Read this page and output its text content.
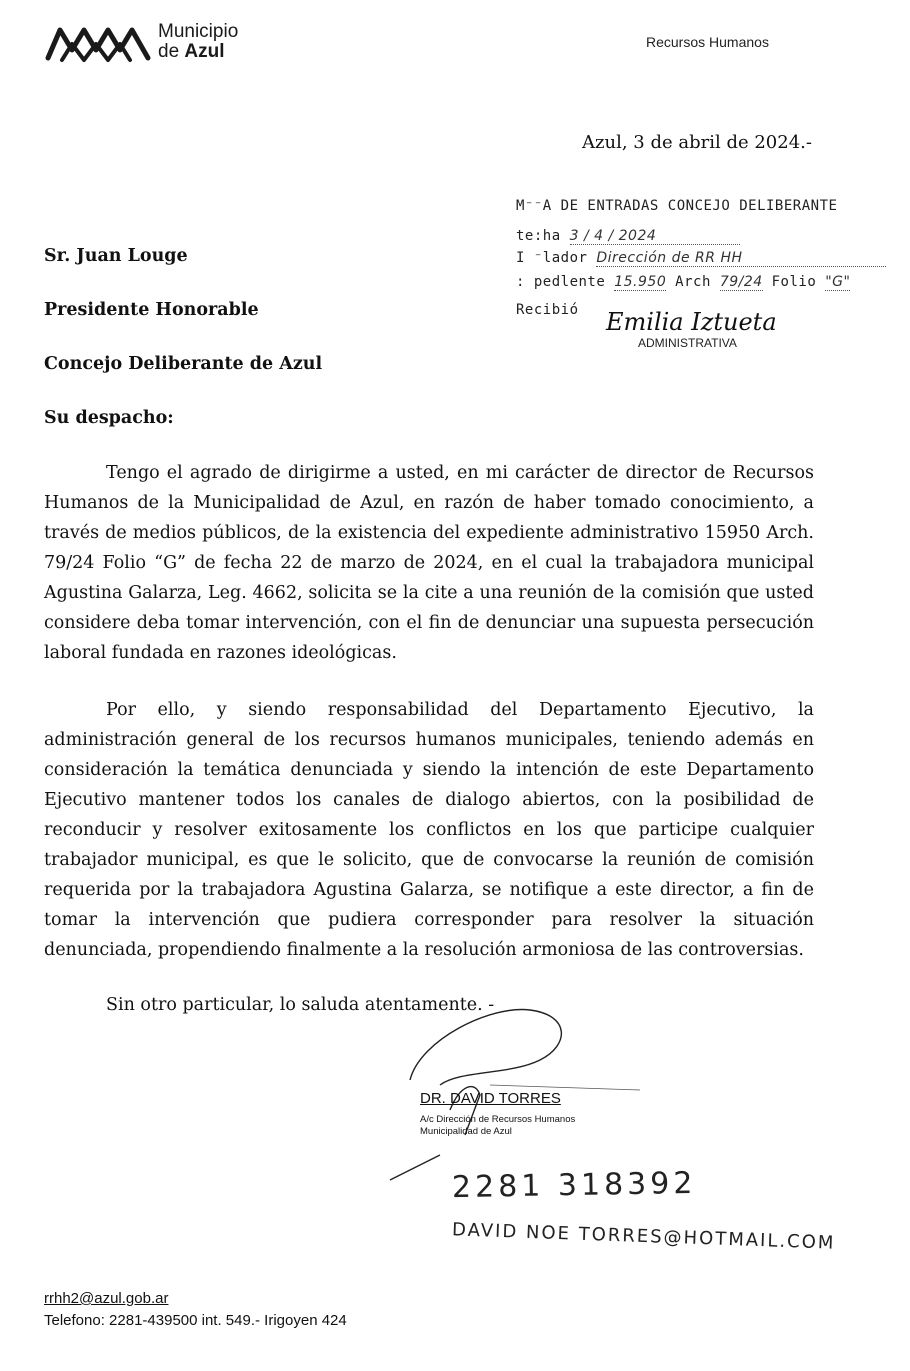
Municipio
de Azul	Recursos Humanos
Azul, 3 de abril de 2024.-
M⁻⁻A DE ENTRADAS CONCEJO DELIBERANTE
te:ha 3 / 4 / 2024
I ⁻lador Dirección de RR HH
: pedlente 15.950 Arch 79/24 Folio "G"
Recibió Emilia Iztueta
ADMINISTRATIVA
Sr. Juan Louge
Presidente Honorable
Concejo Deliberante de Azul
Su despacho:

Tengo el agrado de dirigirme a usted, en mi carácter de director de Recursos Humanos de la Municipalidad de Azul, en razón de haber tomado conocimiento, a través de medios públicos, de la existencia del expediente administrativo 15950 Arch. 79/24 Folio “G” de fecha 22 de marzo de 2024, en el cual la trabajadora municipal Agustina Galarza, Leg. 4662, solicita se la cite a una reunión de la comisión que usted considere deba tomar intervención, con el fin de denunciar una supuesta persecución laboral fundada en razones ideológicas.

Por ello, y siendo responsabilidad del Departamento Ejecutivo, la administración general de los recursos humanos municipales, teniendo además en consideración la temática denunciada y siendo la intención de este Departamento Ejecutivo mantener todos los canales de dialogo abiertos, con la posibilidad de reconducir y resolver exitosamente los conflictos en los que participe cualquier trabajador municipal, es que le solicito, que de convocarse la reunión de comisión requerida por la trabajadora Agustina Galarza, se notifique a este director, a fin de tomar la intervención que pudiera corresponder para resolver la situación denunciada, propendiendo finalmente a la resolución armoniosa de las controversias.

Sin otro particular, lo saluda atentamente. -
DR. DAVID TORRES
A/c Dirección de Recursos Humanos
Municipalidad de Azul
2281 318392
DAVID NOE TORRES@HOTMAIL.COM
rrhh2@azul.gob.ar
Telefono: 2281-439500 int. 549.- Irigoyen 424
